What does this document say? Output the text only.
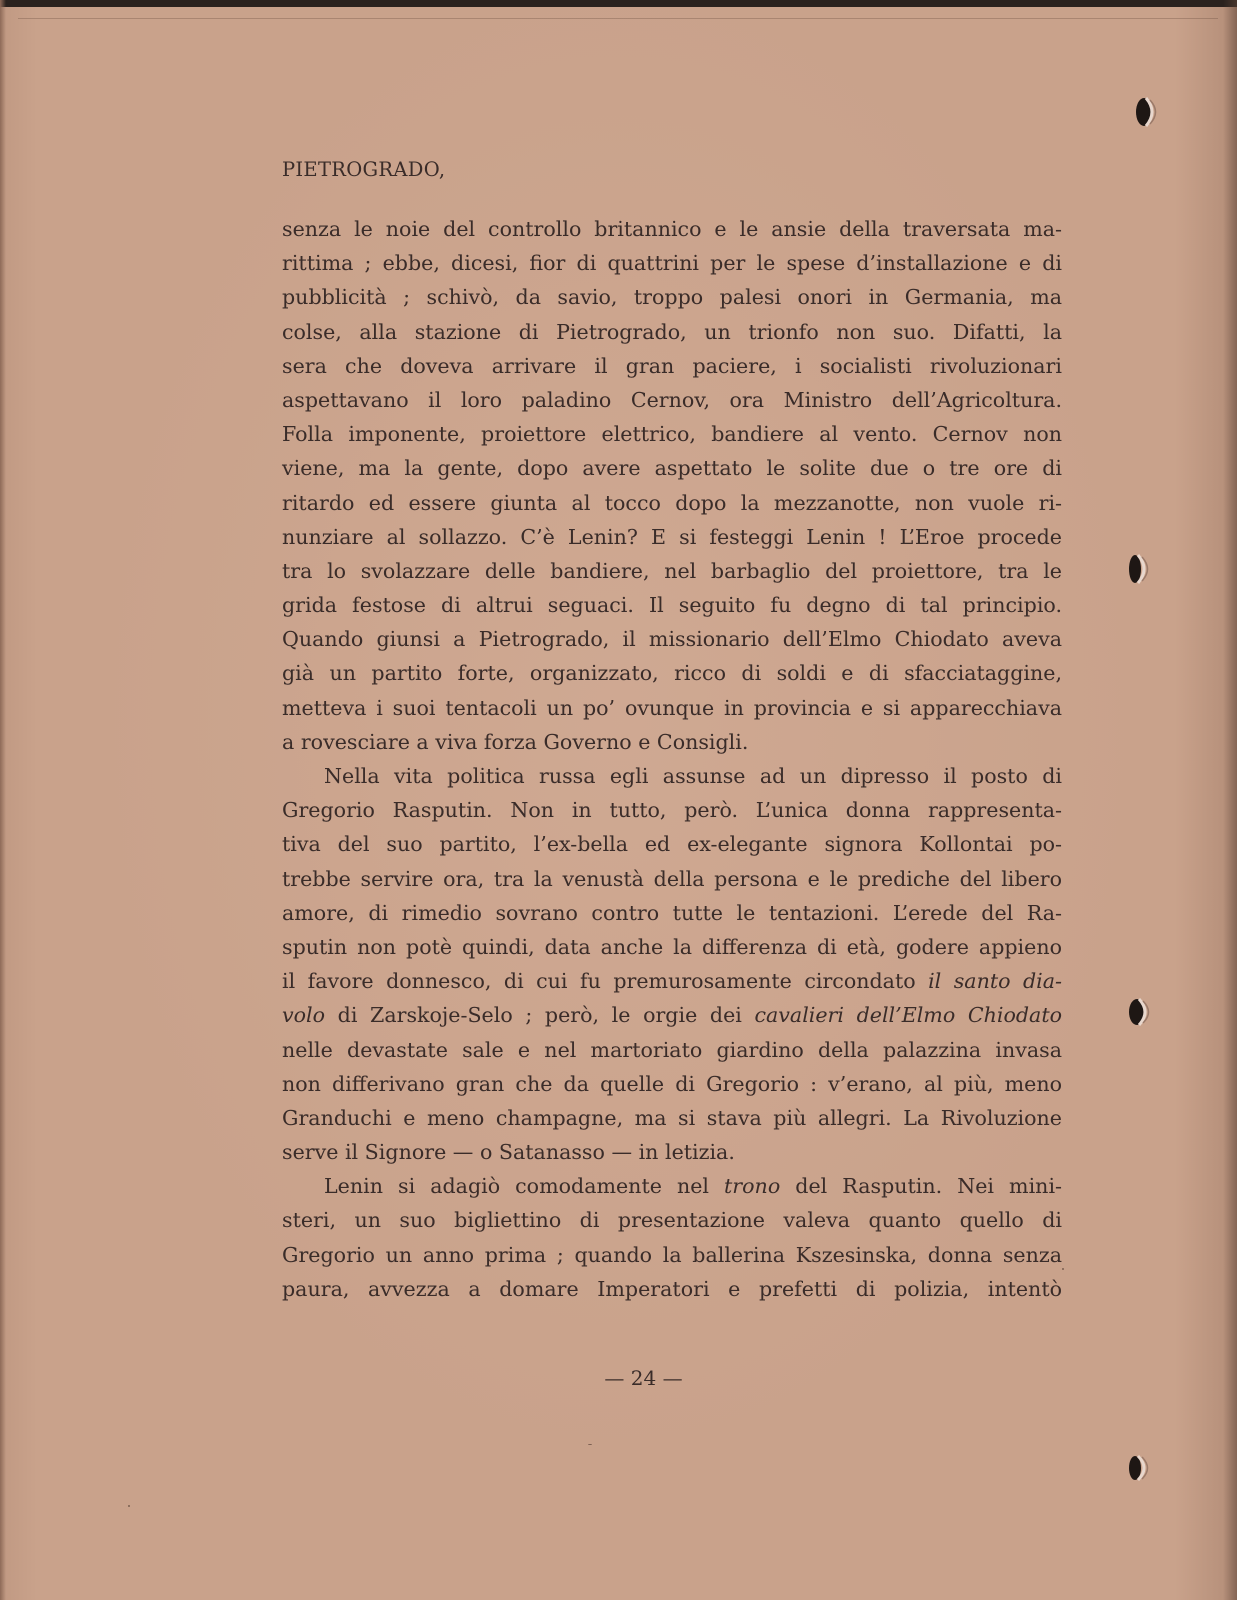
PIETROGRADO,
senza le noie del controllo britannico e le ansie della traversata ma-
rittima ; ebbe, dicesi, fior di quattrini per le spese d’installazione e di
pubblicità ; schivò, da savio, troppo palesi onori in Germania, ma
colse, alla stazione di Pietrogrado, un trionfo non suo. Difatti, la
sera che doveva arrivare il gran paciere, i socialisti rivoluzionari
aspettavano il loro paladino Cernov, ora Ministro dell’Agricoltura.
Folla imponente, proiettore elettrico, bandiere al vento. Cernov non
viene, ma la gente, dopo avere aspettato le solite due o tre ore di
ritardo ed essere giunta al tocco dopo la mezzanotte, non vuole ri-
nunziare al sollazzo. C’è Lenin? E si festeggi Lenin ! L’Eroe procede
tra lo svolazzare delle bandiere, nel barbaglio del proiettore, tra le
grida festose di altrui seguaci. Il seguito fu degno di tal principio.
Quando giunsi a Pietrogrado, il missionario dell’Elmo Chiodato aveva
già un partito forte, organizzato, ricco di soldi e di sfacciataggine,
metteva i suoi tentacoli un po’ ovunque in provincia e si apparecchiava
a rovesciare a viva forza Governo e Consigli.
Nella vita politica russa egli assunse ad un dipresso il posto di
Gregorio Rasputin. Non in tutto, però. L’unica donna rappresenta-
tiva del suo partito, l’ex-bella ed ex-elegante signora Kollontai po-
trebbe servire ora, tra la venustà della persona e le prediche del libero
amore, di rimedio sovrano contro tutte le tentazioni. L’erede del Ra-
sputin non potè quindi, data anche la differenza di età, godere appieno
il favore donnesco, di cui fu premurosamente circondato il santo dia-
volo di Zarskoje-Selo ; però, le orgie dei cavalieri dell’Elmo Chiodato
nelle devastate sale e nel martoriato giardino della palazzina invasa
non differivano gran che da quelle di Gregorio : v’erano, al più, meno
Granduchi e meno champagne, ma si stava più allegri. La Rivoluzione
serve il Signore — o Satanasso — in letizia.
Lenin si adagiò comodamente nel trono del Rasputin. Nei mini-
steri, un suo bigliettino di presentazione valeva quanto quello di
Gregorio un anno prima ; quando la ballerina Kszesinska, donna senza
paura, avvezza a domare Imperatori e prefetti di polizia, intentò
— 24 —
